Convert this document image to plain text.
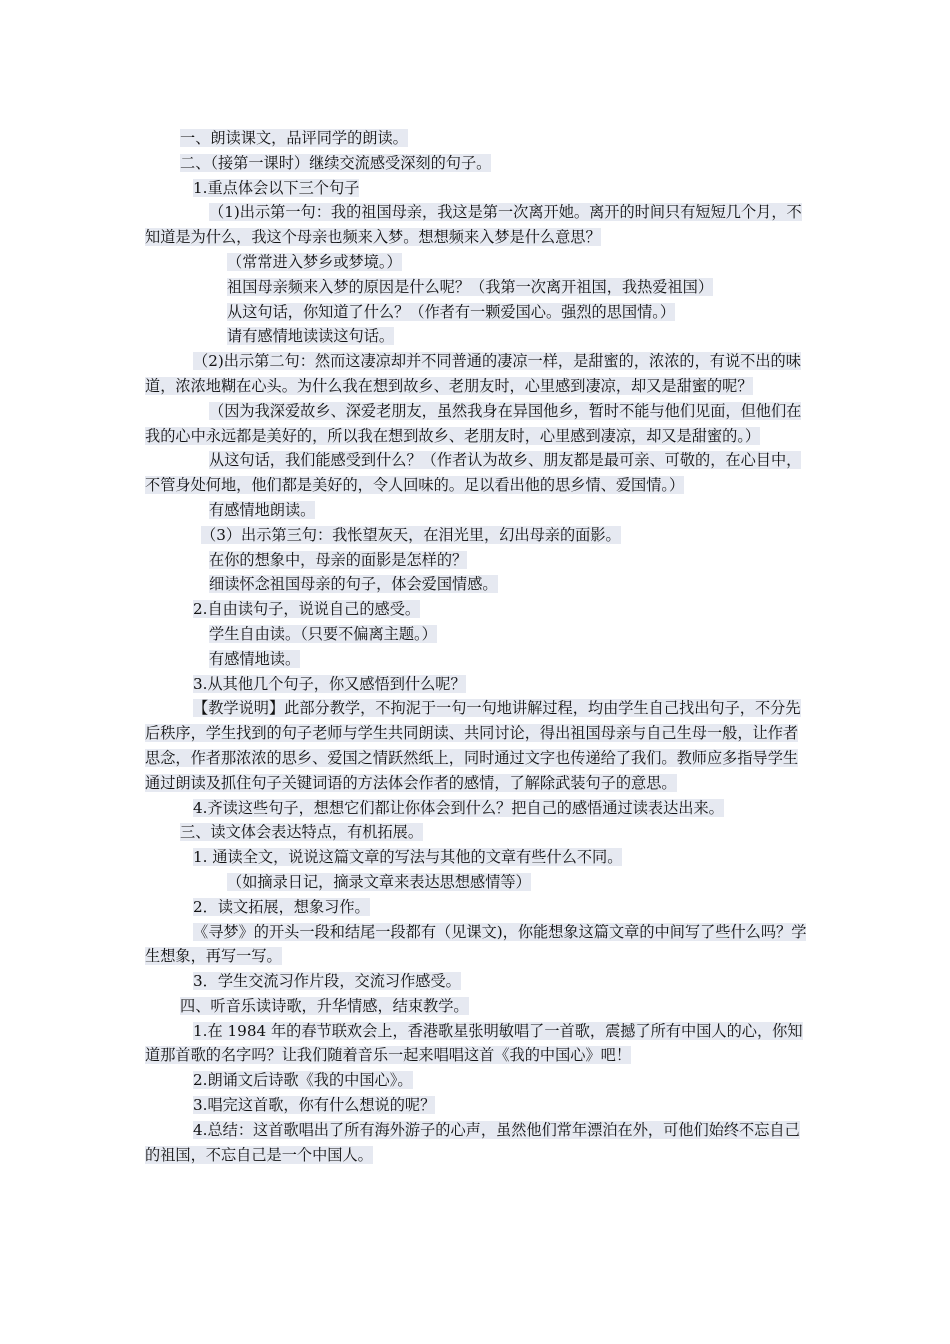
一、朗读课文，品评同学的朗读。

二、（接第一课时）继续交流感受深刻的句子。

1.重点体会以下三个句子

（1)出示第一句：我的祖国母亲，我这是第一次离开她。离开的时间只有短短几个月，不知道是为什么，我这个母亲也频来入梦。想想频来入梦是什么意思？

（常常进入梦乡或梦境。）

祖国母亲频来入梦的原因是什么呢？（我第一次离开祖国，我热爱祖国）

从这句话，你知道了什么？（作者有一颗爱国心。强烈的思国情。）

请有感情地读读这句话。

（2)出示第二句：然而这凄凉却并不同普通的凄凉一样，是甜蜜的，浓浓的，有说不出的味道，浓浓地糊在心头。为什么我在想到故乡、老朋友时，心里感到凄凉，却又是甜蜜的呢？

（因为我深爱故乡、深爱老朋友，虽然我身在异国他乡，暂时不能与他们见面，但他们在我的心中永远都是美好的，所以我在想到故乡、老朋友时，心里感到凄凉，却又是甜蜜的。）

从这句话，我们能感受到什么？（作者认为故乡、朋友都是最可亲、可敬的，在心目中，不管身处何地，他们都是美好的，令人回味的。足以看出他的思乡情、爱国情。）

有感情地朗读。

（3）出示第三句：我怅望灰天，在泪光里，幻出母亲的面影。

在你的想象中，母亲的面影是怎样的？

细读怀念祖国母亲的句子，体会爱国情感。

2.自由读句子，说说自己的感受。

学生自由读。（只要不偏离主题。）

有感情地读。

3.从其他几个句子，你又感悟到什么呢？

【教学说明】此部分教学，不拘泥于一句一句地讲解过程，均由学生自己找出句子，不分先后秩序，学生找到的句子老师与学生共同朗读、共同讨论，得出祖国母亲与自己生母一般，让作者思念，作者那浓浓的思乡、爱国之情跃然纸上，同时通过文字也传递给了我们。教师应多指导学生通过朗读及抓住句子关键词语的方法体会作者的感情，了解除武装句子的意思。

4.齐读这些句子，想想它们都让你体会到什么？把自己的感悟通过读表达出来。

三、读文体会表达特点，有机拓展。

1. 通读全文，说说这篇文章的写法与其他的文章有些什么不同。

（如摘录日记，摘录文章来表达思想感情等）

2．读文拓展，想象习作。

《寻梦》的开头一段和结尾一段都有（见课文)，你能想象这篇文章的中间写了些什么吗？学生想象，再写一写。

3．学生交流习作片段，交流习作感受。

四、听音乐读诗歌，升华情感，结束教学。

1.在 1984 年的春节联欢会上，香港歌星张明敏唱了一首歌，震撼了所有中国人的心，你知道那首歌的名字吗？让我们随着音乐一起来唱唱这首《我的中国心》吧！

2.朗诵文后诗歌《我的中国心》。

3.唱完这首歌，你有什么想说的呢？

4.总结：这首歌唱出了所有海外游子的心声，虽然他们常年漂泊在外，可他们始终不忘自己的祖国，不忘自己是一个中国人。
